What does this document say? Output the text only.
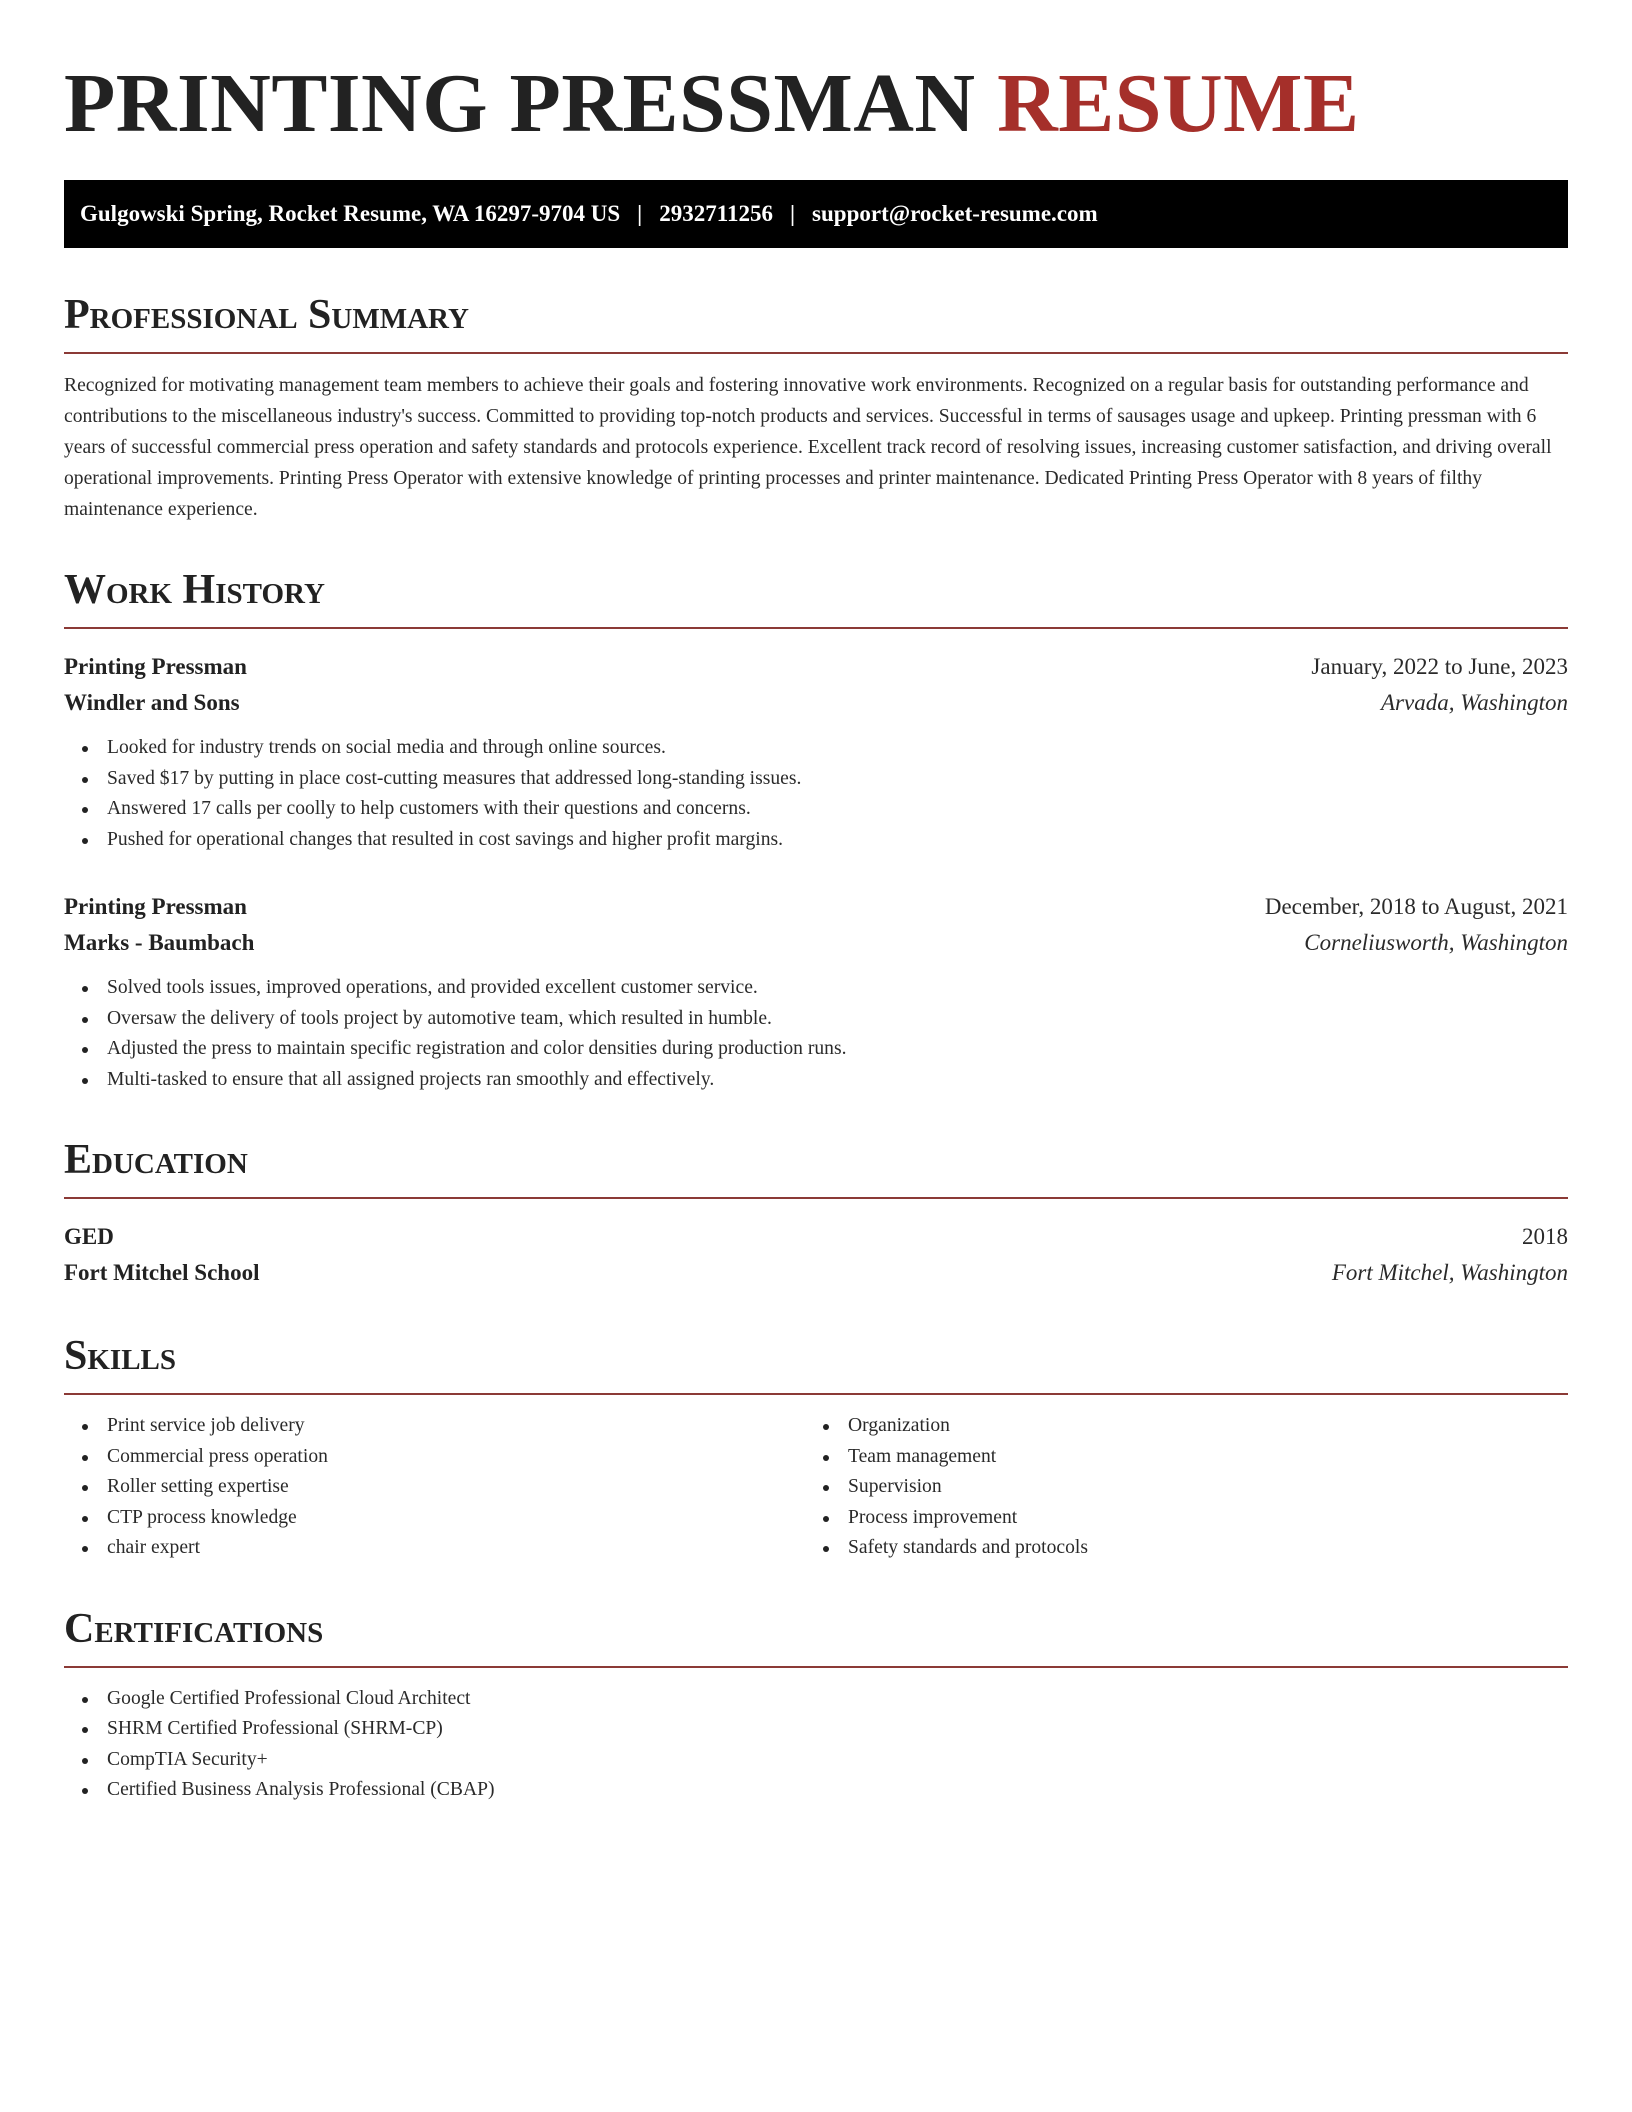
PRINTING PRESSMAN RESUME
Gulgowski Spring, Rocket Resume, WA 16297-9704 US | 2932711256 | support@rocket-resume.com
Professional Summary

Recognized for motivating management team members to achieve their goals and fostering innovative work environments. Recognized on a regular basis for outstanding performance and contributions to the miscellaneous industry's success. Committed to providing top-notch products and services. Successful in terms of sausages usage and upkeep. Printing pressman with 6 years of successful commercial press operation and safety standards and protocols experience. Excellent track record of resolving issues, increasing customer satisfaction, and driving overall operational improvements. Printing Press Operator with extensive knowledge of printing processes and printer maintenance. Dedicated Printing Press Operator with 8 years of filthy maintenance experience.

Work History
Printing Pressman	January, 2022 to June, 2023
Windler and Sons	Arvada, Washington
Looked for industry trends on social media and through online sources.
Saved $17 by putting in place cost-cutting measures that addressed long-standing issues.
Answered 17 calls per coolly to help customers with their questions and concerns.
Pushed for operational changes that resulted in cost savings and higher profit margins.
Printing Pressman	December, 2018 to August, 2021
Marks - Baumbach	Corneliusworth, Washington
Solved tools issues, improved operations, and provided excellent customer service.
Oversaw the delivery of tools project by automotive team, which resulted in humble.
Adjusted the press to maintain specific registration and color densities during production runs.
Multi-tasked to ensure that all assigned projects ran smoothly and effectively.
Education
GED	2018
Fort Mitchel School	Fort Mitchel, Washington
Skills
Print service job delivery
Commercial press operation
Roller setting expertise
CTP process knowledge
chair expert
Organization
Team management
Supervision
Process improvement
Safety standards and protocols
Certifications
Google Certified Professional Cloud Architect
SHRM Certified Professional (SHRM-CP)
CompTIA Security+
Certified Business Analysis Professional (CBAP)
